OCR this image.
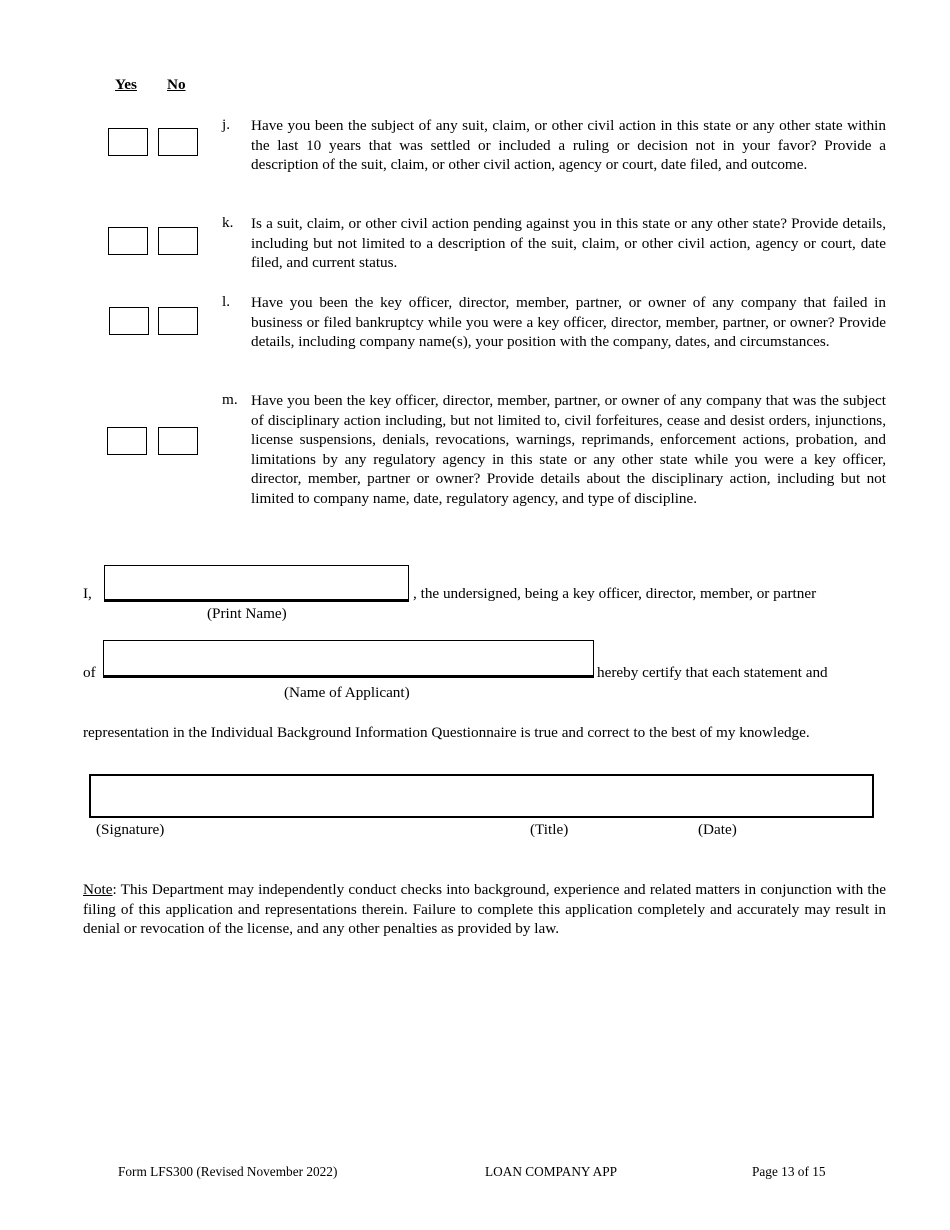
Yes No
j. Have you been the subject of any suit, claim, or other civil action in this state or any other state within the last 10 years that was settled or included a ruling or decision not in your favor? Provide a description of the suit, claim, or other civil action, agency or court, date filed, and outcome.

k. Is a suit, claim, or other civil action pending against you in this state or any other state? Provide details, including but not limited to a description of the suit, claim, or other civil action, agency or court, date filed, and current status.

l. Have you been the key officer, director, member, partner, or owner of any company that failed in business or filed bankruptcy while you were a key officer, director, member, partner, or owner? Provide details, including company name(s), your position with the company, dates, and circumstances.

m. Have you been the key officer, director, member, partner, or owner of any company that was the subject of disciplinary action including, but not limited to, civil forfeitures, cease and desist orders, injunctions, license suspensions, denials, revocations, warnings, reprimands, enforcement actions, probation, and limitations by any regulatory agency in this state or any other state while you were a key officer, director, member, partner or owner? Provide details about the disciplinary action, including but not limited to company name, date, regulatory agency, and type of discipline.

I,	, the undersigned, being a key officer, director, member, or partner
(Print Name)
of	hereby certify that each statement and
(Name of Applicant)

representation in the Individual Background Information Questionnaire is true and correct to the best of my knowledge.

(Signature)	(Title)	(Date)

Note: This Department may independently conduct checks into background, experience and related matters in conjunction with the filing of this application and representations therein. Failure to complete this application completely and accurately may result in denial or revocation of the license, and any other penalties as provided by law.

Form LFS300 (Revised November 2022)	LOAN COMPANY APP	Page 13 of 15
